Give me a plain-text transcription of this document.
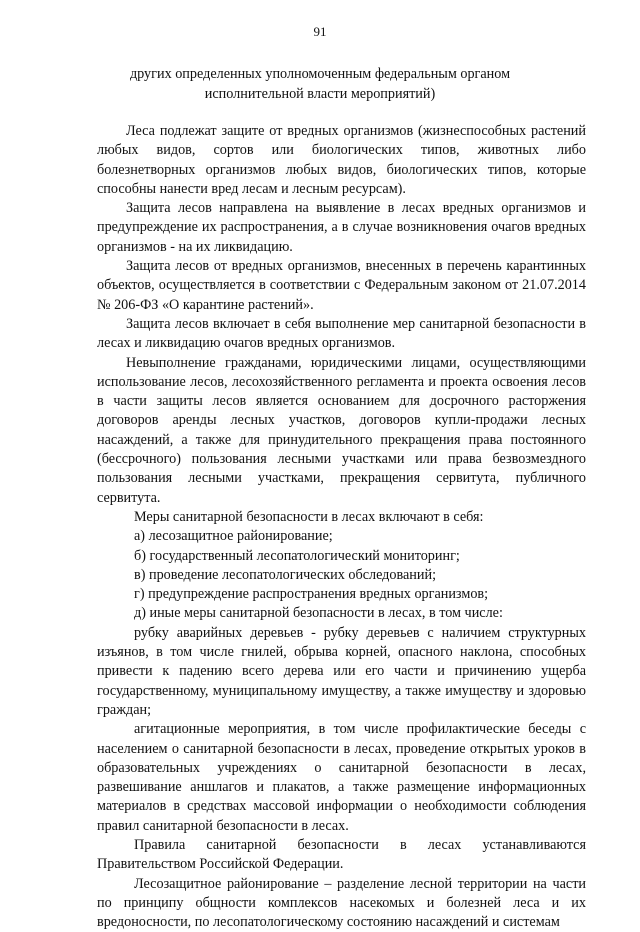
91
других определенных уполномоченным федеральным органом
исполнительной власти мероприятий)

Леса подлежат защите от вредных организмов (жизнеспособных растений любых видов, сортов или биологических типов, животных либо болезнетворных организмов любых видов, биологических типов, которые способны нанести вред лесам и лесным ресурсам).

Защита лесов направлена на выявление в лесах вредных организмов и предупреждение их распространения, а в случае возникновения очагов вредных организмов - на их ликвидацию.

Защита лесов от вредных организмов, внесенных в перечень карантинных объектов, осуществляется в соответствии с Федеральным законом от 21.07.2014 № 206-ФЗ «О карантине растений».

Защита лесов включает в себя выполнение мер санитарной безопасности в лесах и ликвидацию очагов вредных организмов.

Невыполнение гражданами, юридическими лицами, осуществляющими использование лесов, лесохозяйственного регламента и проекта освоения лесов в части защиты лесов является основанием для досрочного расторжения договоров аренды лесных участков, договоров купли-продажи лесных насаждений, а также для принудительного прекращения права постоянного (бессрочного) пользования лесными участками или права безвозмездного пользования лесными участками, прекращения сервитута, публичного сервитута.

Меры санитарной безопасности в лесах включают в себя:

а) лесозащитное районирование;

б) государственный лесопатологический мониторинг;

в) проведение лесопатологических обследований;

г) предупреждение распространения вредных организмов;

д) иные меры санитарной безопасности в лесах, в том числе:

рубку аварийных деревьев - рубку деревьев с наличием структурных изъянов, в том числе гнилей, обрыва корней, опасного наклона, способных привести к падению всего дерева или его части и причинению ущерба государственному, муниципальному имуществу, а также имуществу и здоровью граждан;

агитационные мероприятия, в том числе профилактические беседы с населением о санитарной безопасности в лесах, проведение открытых уроков в образовательных учреждениях о санитарной безопасности в лесах, развешивание аншлагов и плакатов, а также размещение информационных материалов в средствах массовой информации о необходимости соблюдения правил санитарной безопасности в лесах.

Правила санитарной безопасности в лесах устанавливаются Правительством Российской Федерации.

Лесозащитное районирование – разделение лесной территории на части по принципу общности комплексов насекомых и болезней леса и их вредоносности, по лесопатологическому состоянию насаждений и системам
